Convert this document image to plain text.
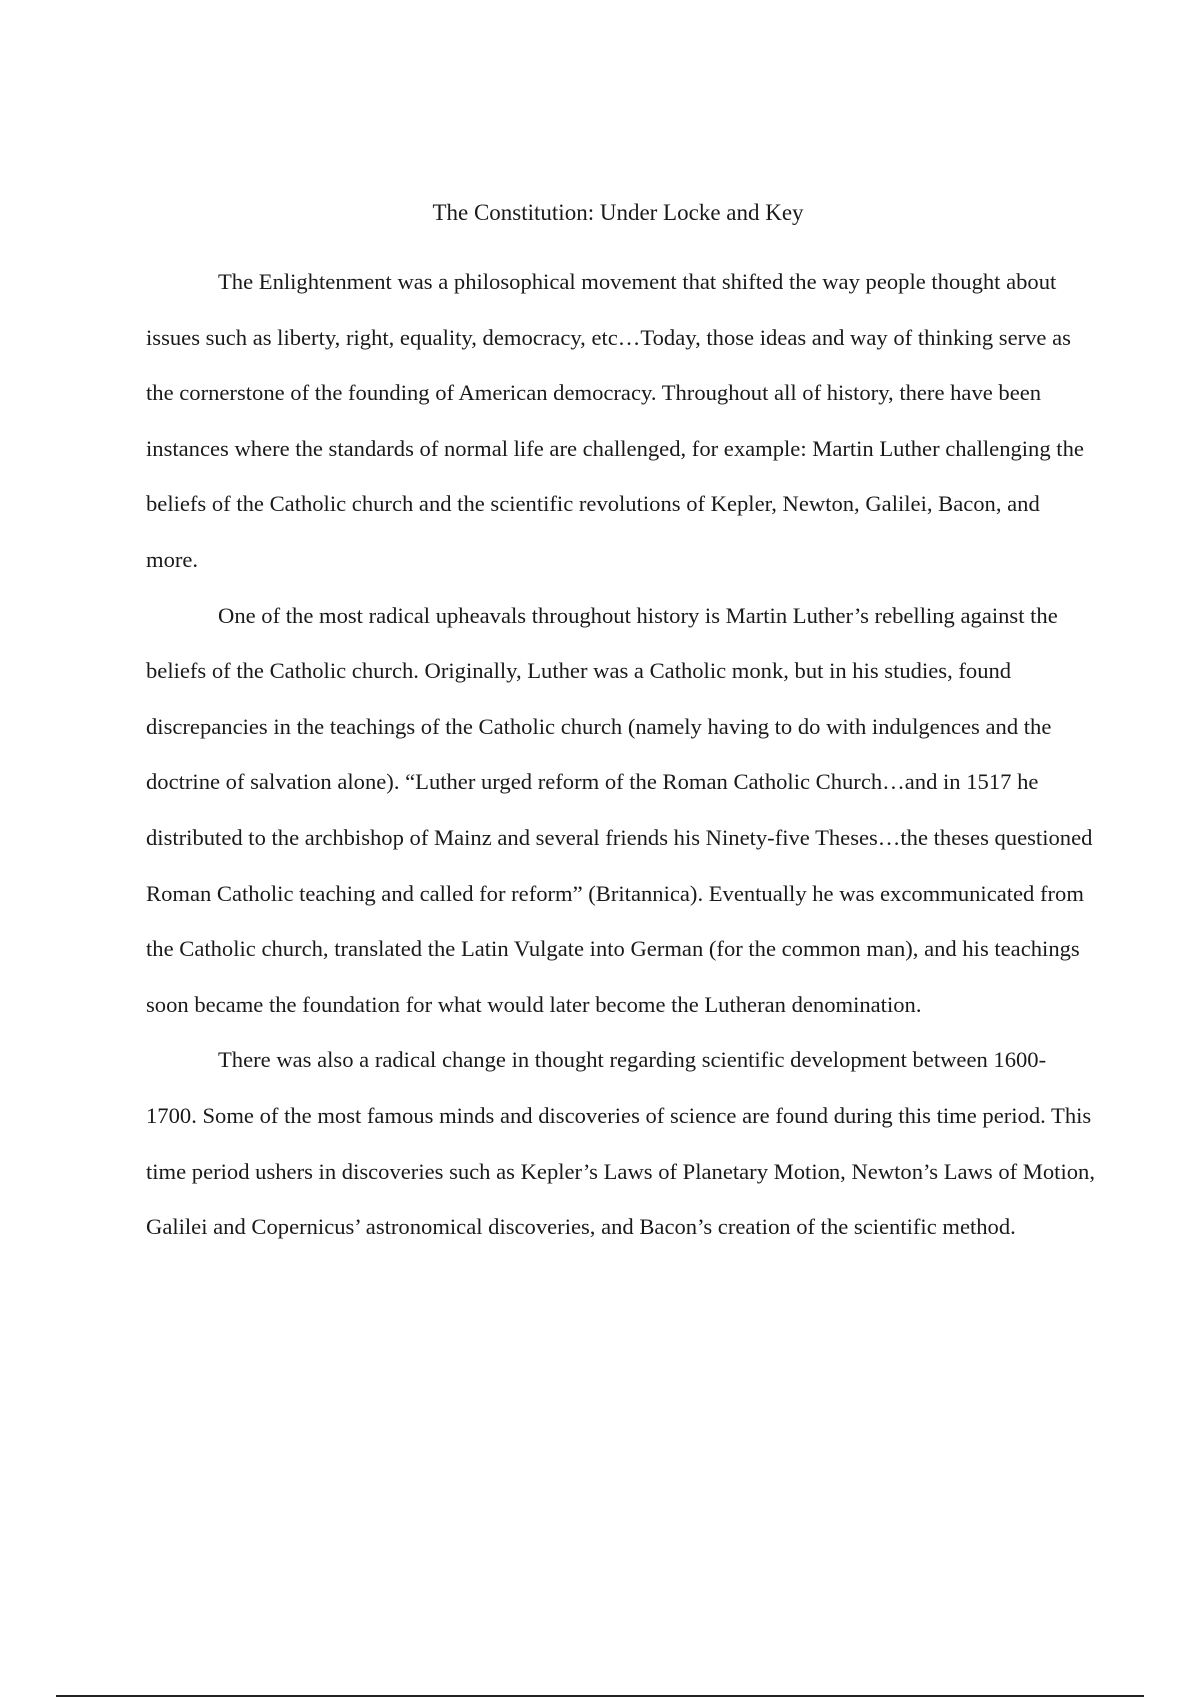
The Constitution: Under Locke and Key

The Enlightenment was a philosophical movement that shifted the way people thought about issues such as liberty, right, equality, democracy, etc…Today, those ideas and way of thinking serve as the cornerstone of the founding of American democracy. Throughout all of history, there have been instances where the standards of normal life are challenged, for example: Martin Luther challenging the beliefs of the Catholic church and the scientific revolutions of Kepler, Newton, Galilei, Bacon, and more.

One of the most radical upheavals throughout history is Martin Luther’s rebelling against the beliefs of the Catholic church. Originally, Luther was a Catholic monk, but in his studies, found discrepancies in the teachings of the Catholic church (namely having to do with indulgences and the doctrine of salvation alone). “Luther urged reform of the Roman Catholic Church…and in 1517 he distributed to the archbishop of Mainz and several friends his Ninety-five Theses…the theses questioned Roman Catholic teaching and called for reform” (Britannica). Eventually he was excommunicated from the Catholic church, translated the Latin Vulgate into German (for the common man), and his teachings soon became the foundation for what would later become the Lutheran denomination.

There was also a radical change in thought regarding scientific development between 1600-1700. Some of the most famous minds and discoveries of science are found during this time period. This time period ushers in discoveries such as Kepler’s Laws of Planetary Motion, Newton’s Laws of Motion, Galilei and Copernicus’ astronomical discoveries, and Bacon’s creation of the scientific method.
